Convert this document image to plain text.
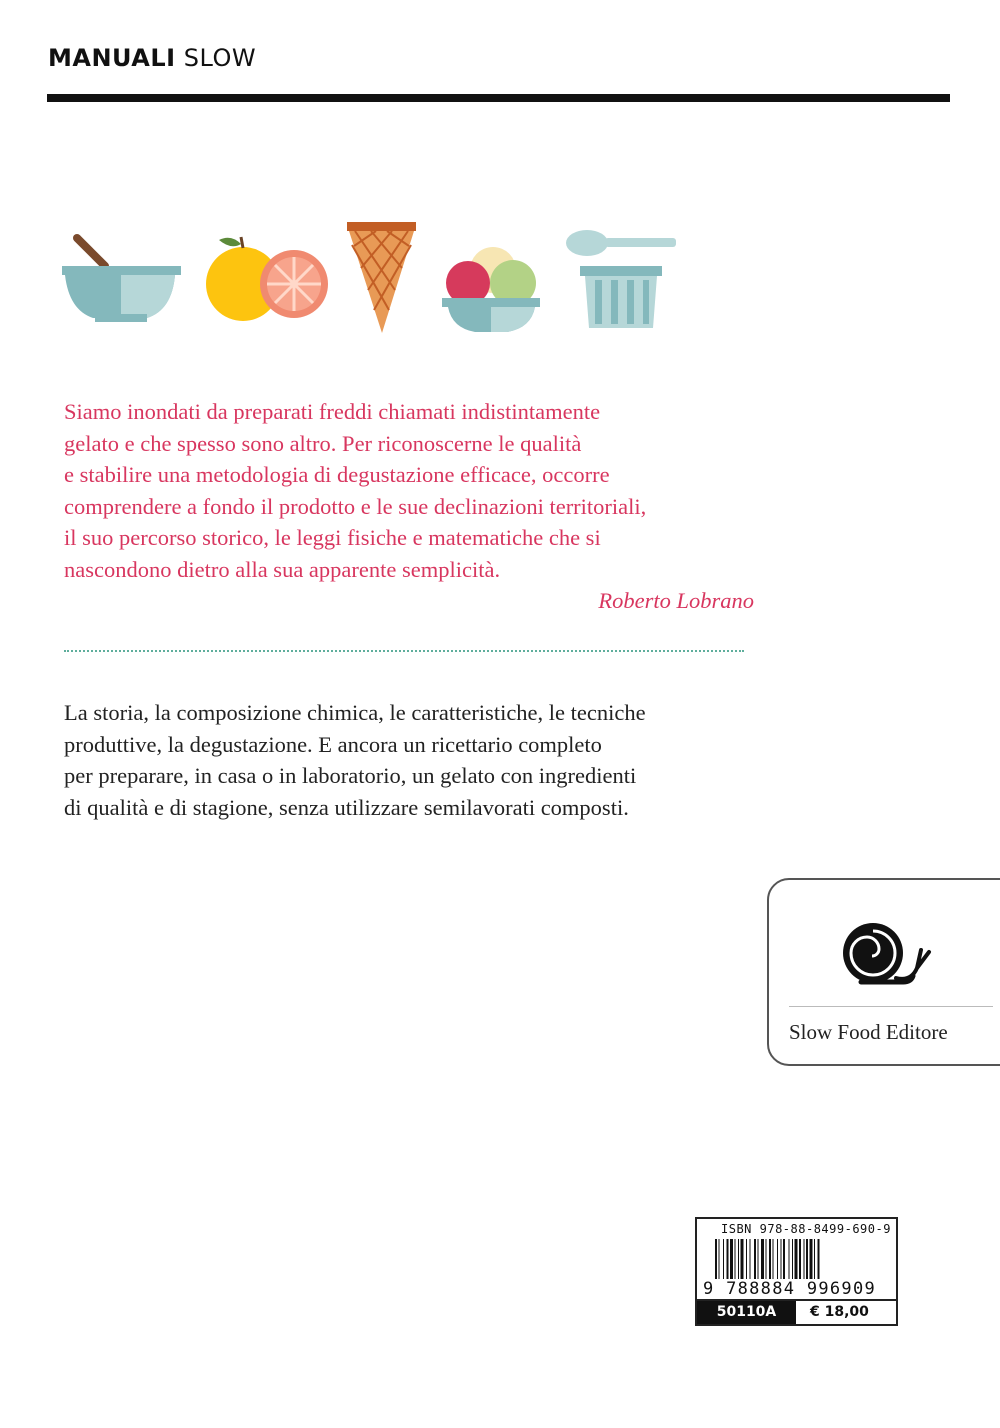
MANUALI SLOW

Siamo inondati da preparati freddi chiamati indistintamente

gelato e che spesso sono altro. Per riconoscerne le qualità

e stabilire una metodologia di degustazione efficace, occorre

comprendere a fondo il prodotto e le sue declinazioni territoriali,

il suo percorso storico, le leggi fisiche e matematiche che si

nascondono dietro alla sua apparente semplicità.

Roberto Lobrano

La storia, la composizione chimica, le caratteristiche, le tecniche

produttive, la degustazione. E ancora un ricettario completo

per preparare, in casa o in laboratorio, un gelato con ingredienti

di qualità e di stagione, senza utilizzare semilavorati composti.

Slow Food Editore
ISBN 978-88-8499-690-9
9 788884 996909
50110A	€ 18,00
